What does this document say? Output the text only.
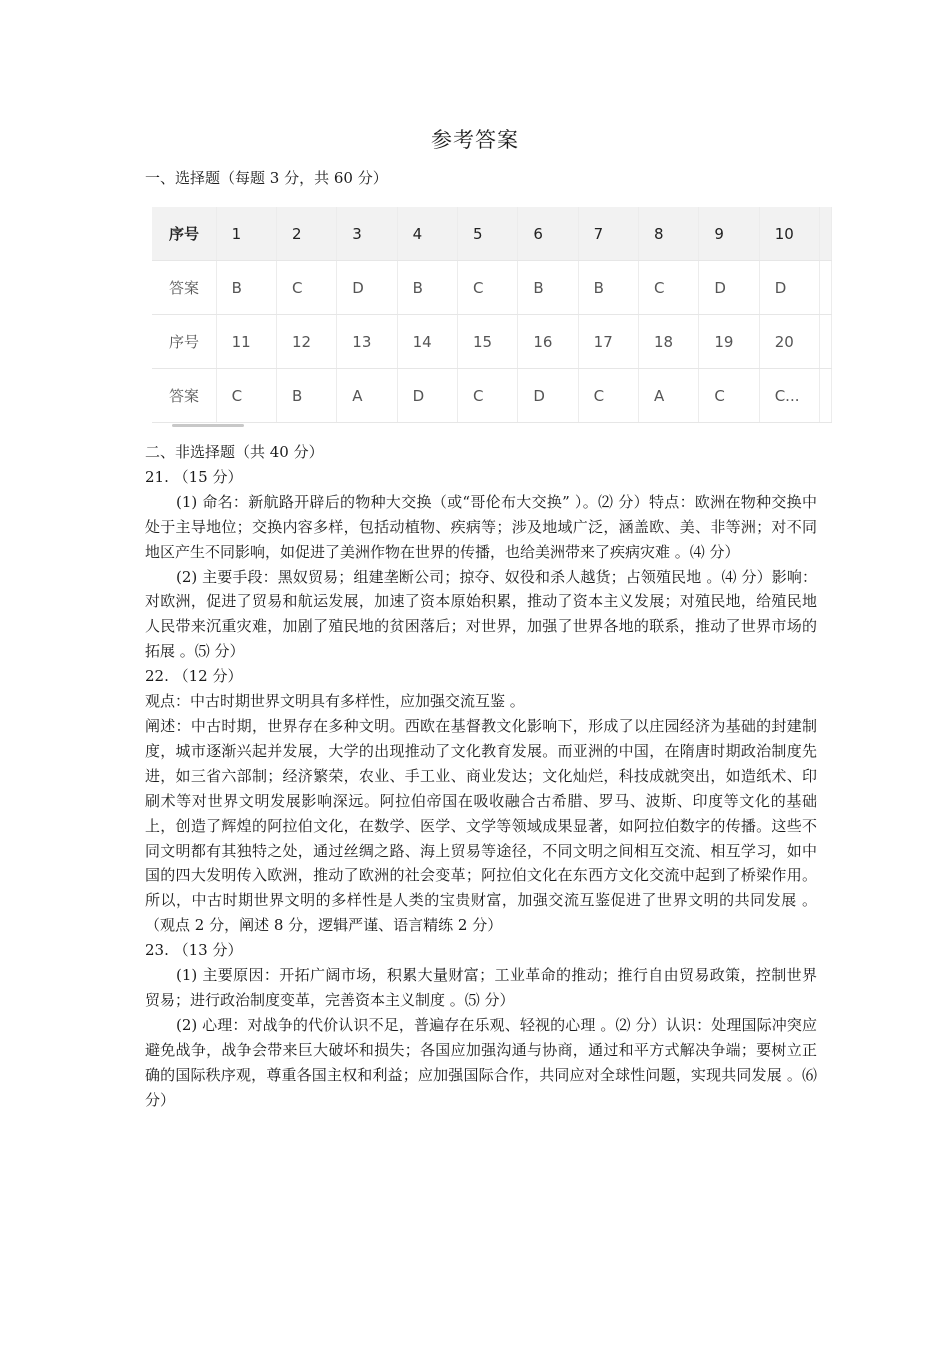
参考答案
一、选择题（每题 3 分，共 60 分）
序号	1	2	3	4	5	6	7	8	9	10	
答案	B	C	D	B	C	B	B	C	D	D	
序号	11	12	13	14	15	16	17	18	19	20	
答案	C	B	A	D	C	D	C	A	C	C...	

二、非选择题（共 40 分）

21. （15 分）

(1) 命名：新航路开辟后的物种大交换（或“哥伦布大交换” ）。⑵ 分）特点：欧洲在物种交换中处于主导地位；交换内容多样，包括动植物、疾病等；涉及地域广泛，涵盖欧、美、非等洲；对不同地区产生不同影响，如促进了美洲作物在世界的传播，也给美洲带来了疾病灾难 。⑷ 分）

(2) 主要手段：黑奴贸易；组建垄断公司；掠夺、奴役和杀人越货；占领殖民地 。⑷ 分）影响：对欧洲，促进了贸易和航运发展，加速了资本原始积累，推动了资本主义发展；对殖民地，给殖民地人民带来沉重灾难，加剧了殖民地的贫困落后；对世界，加强了世界各地的联系，推动了世界市场的拓展 。⑸ 分）

22. （12 分）

观点：中古时期世界文明具有多样性，应加强交流互鉴 。

阐述：中古时期，世界存在多种文明。西欧在基督教文化影响下，形成了以庄园经济为基础的封建制度，城市逐渐兴起并发展，大学的出现推动了文化教育发展。而亚洲的中国，在隋唐时期政治制度先进，如三省六部制；经济繁荣，农业、手工业、商业发达；文化灿烂，科技成就突出，如造纸术、印刷术等对世界文明发展影响深远。阿拉伯帝国在吸收融合古希腊、罗马、波斯、印度等文化的基础上，创造了辉煌的阿拉伯文化，在数学、医学、文学等领域成果显著，如阿拉伯数字的传播。这些不同文明都有其独特之处，通过丝绸之路、海上贸易等途径，不同文明之间相互交流、相互学习，如中国的四大发明传入欧洲，推动了欧洲的社会变革；阿拉伯文化在东西方文化交流中起到了桥梁作用。所以，中古时期世界文明的多样性是人类的宝贵财富，加强交流互鉴促进了世界文明的共同发展 。（观点 2 分，阐述 8 分，逻辑严谨、语言精练 2 分）

23. （13 分）

(1) 主要原因：开拓广阔市场，积累大量财富；工业革命的推动；推行自由贸易政策，控制世界贸易；进行政治制度变革，完善资本主义制度 。⑸ 分）

(2) 心理：对战争的代价认识不足，普遍存在乐观、轻视的心理 。⑵ 分）认识：处理国际冲突应避免战争，战争会带来巨大破坏和损失；各国应加强沟通与协商，通过和平方式解决争端；要树立正确的国际秩序观，尊重各国主权和利益；应加强国际合作，共同应对全球性问题，实现共同发展 。⑹ 分）
